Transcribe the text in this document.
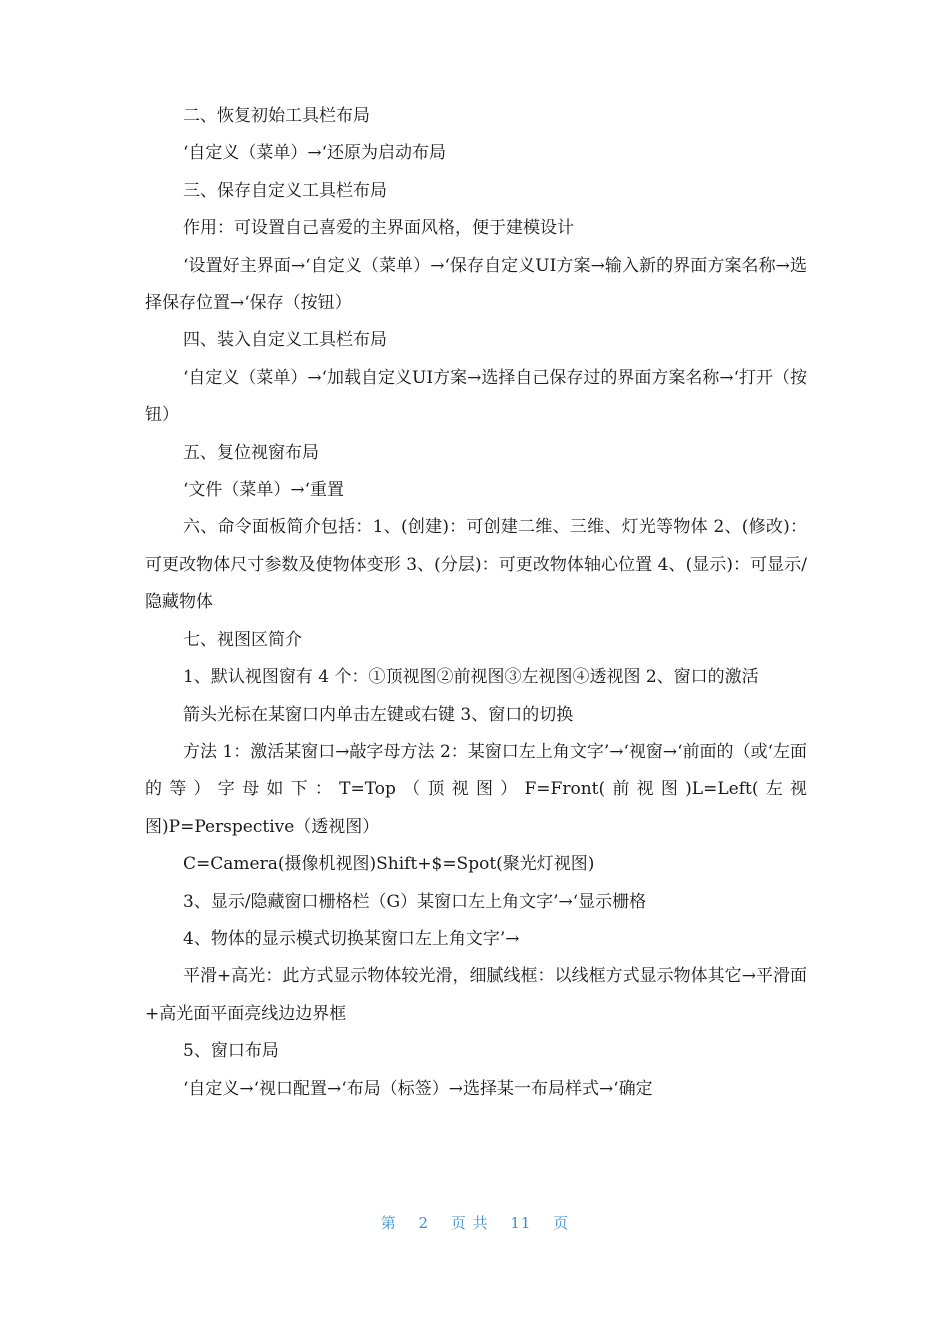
二、恢复初始工具栏布局

‘自定义（菜单）→‘还原为启动布局

三、保存自定义工具栏布局

作用：可设置自己喜爱的主界面风格，便于建模设计

‘设置好主界面→‘自定义（菜单）→‘保存自定义UI方案→输入新的界面方案名称→选择保存位置→‘保存（按钮）

四、装入自定义工具栏布局

‘自定义（菜单）→‘加载自定义UI方案→选择自己保存过的界面方案名称→‘打开（按钮）

五、复位视窗布局

‘文件（菜单）→‘重置

六、命令面板简介包括：1、(创建)：可创建二维、三维、灯光等物体 2、(修改)：可更改物体尺寸参数及使物体变形 3、(分层)：可更改物体轴心位置 4、(显示)：可显示/隐藏物体

七、视图区简介

1、默认视图窗有 4 个：①顶视图②前视图③左视图④透视图 2、窗口的激活

箭头光标在某窗口内单击左键或右键 3、窗口的切换

方法 1：激活某窗口→敲字母方法 2：某窗口左上角文字’→‘视窗→‘前面的（或‘左面的等）字母如下：T=Top（顶视图）F=Front(前视图)L=Left(左视图)P=Perspective（透视图）

C=Camera(摄像机视图)Shift+$=Spot(聚光灯视图)

3、显示/隐藏窗口栅格栏（G）某窗口左上角文字’→‘显示栅格

4、物体的显示模式切换某窗口左上角文字’→

平滑+高光：此方式显示物体较光滑，细腻线框：以线框方式显示物体其它→平滑面+高光面平面亮线边边界框

5、窗口布局

‘自定义→‘视口配置→‘布局（标签）→选择某一布局样式→‘确定

第 2 页 共 11 页
